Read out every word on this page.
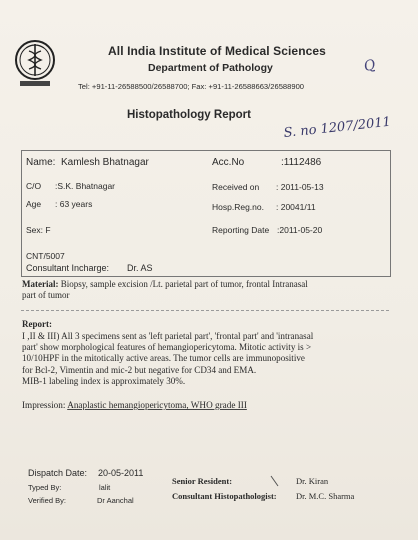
All India Institute of Medical Sciences
Department of Pathology
Tel: +91-11-26588500/26588700; Fax: +91-11-26588663/26588900
Q
Histopathology Report S. no 1207/2011
Name: Kamlesh Bhatnagar	Acc.No	:1112486
C/O :S.K. Bhatnagar	Received on : 2011-05-13
Age : 63 years	Hosp.Reg.no. : 20041/11
Sex: F	Reporting Date :2011-05-20
CNT/5007
Consultant Incharge: Dr. AS
Material: Biopsy, sample excision /Lt. parietal part of tumor, frontal Intranasal
part of tumor
Report:
I ,II & III) All 3 specimens sent as 'left parietal part', 'frontal part' and 'intranasal
part' show morphological features of hemangiopericytoma. Mitotic activity is >
10/10HPF in the mitotically active areas. The tumor cells are immunopositive
for Bcl-2, Vimentin and mic-2 but negative for CD34 and EMA.
MIB-1 labeling index is approximately 30%.
Impression: Anaplastic hemangiopericytoma, WHO grade III
Dispatch Date: 20-05-2011
Typed By:	lalit
Verified By:	Dr Aanchal
Senior Resident:	Dr. Kiran
Consultant Histopathologist: Dr. M.C. Sharma
